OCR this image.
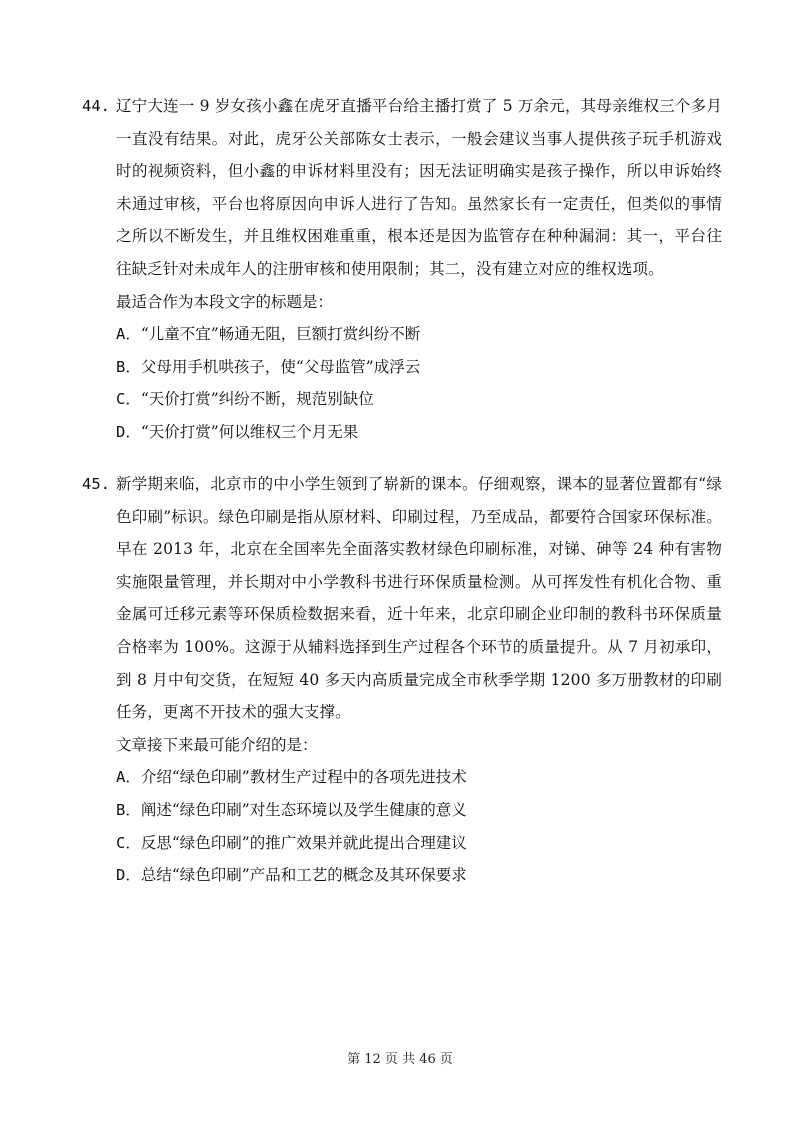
44. 辽宁大连一 9 岁女孩小鑫在虎牙直播平台给主播打赏了 5 万余元，其母亲维权三个多月一直没有结果。对此，虎牙公关部陈女士表示，一般会建议当事人提供孩子玩手机游戏时的视频资料，但小鑫的申诉材料里没有；因无法证明确实是孩子操作，所以申诉始终未通过审核，平台也将原因向申诉人进行了告知。虽然家长有一定责任，但类似的事情之所以不断发生，并且维权困难重重，根本还是因为监管存在种种漏洞：其一，平台往往缺乏针对未成年人的注册审核和使用限制；其二，没有建立对应的维权选项。
最适合作为本段文字的标题是：
A． “儿童不宜”畅通无阻，巨额打赏纠纷不断
B． 父母用手机哄孩子，使“父母监管”成浮云
C． “天价打赏”纠纷不断，规范别缺位
D． “天价打赏”何以维权三个月无果
45. 新学期来临，北京市的中小学生领到了崭新的课本。仔细观察，课本的显著位置都有“绿色印刷”标识。绿色印刷是指从原材料、印刷过程，乃至成品，都要符合国家环保标准。早在 2013 年，北京在全国率先全面落实教材绿色印刷标准，对锑、砷等 24 种有害物实施限量管理，并长期对中小学教科书进行环保质量检测。从可挥发性有机化合物、重金属可迁移元素等环保质检数据来看，近十年来，北京印刷企业印制的教科书环保质量合格率为 100%。这源于从辅料选择到生产过程各个环节的质量提升。从 7 月初承印，到 8 月中旬交货，在短短 40 多天内高质量完成全市秋季学期 1200 多万册教材的印刷任务，更离不开技术的强大支撑。
文章接下来最可能介绍的是：
A． 介绍“绿色印刷”教材生产过程中的各项先进技术
B． 阐述“绿色印刷”对生态环境以及学生健康的意义
C． 反思“绿色印刷”的推广效果并就此提出合理建议
D． 总结“绿色印刷”产品和工艺的概念及其环保要求
第 12 页 共 46 页
